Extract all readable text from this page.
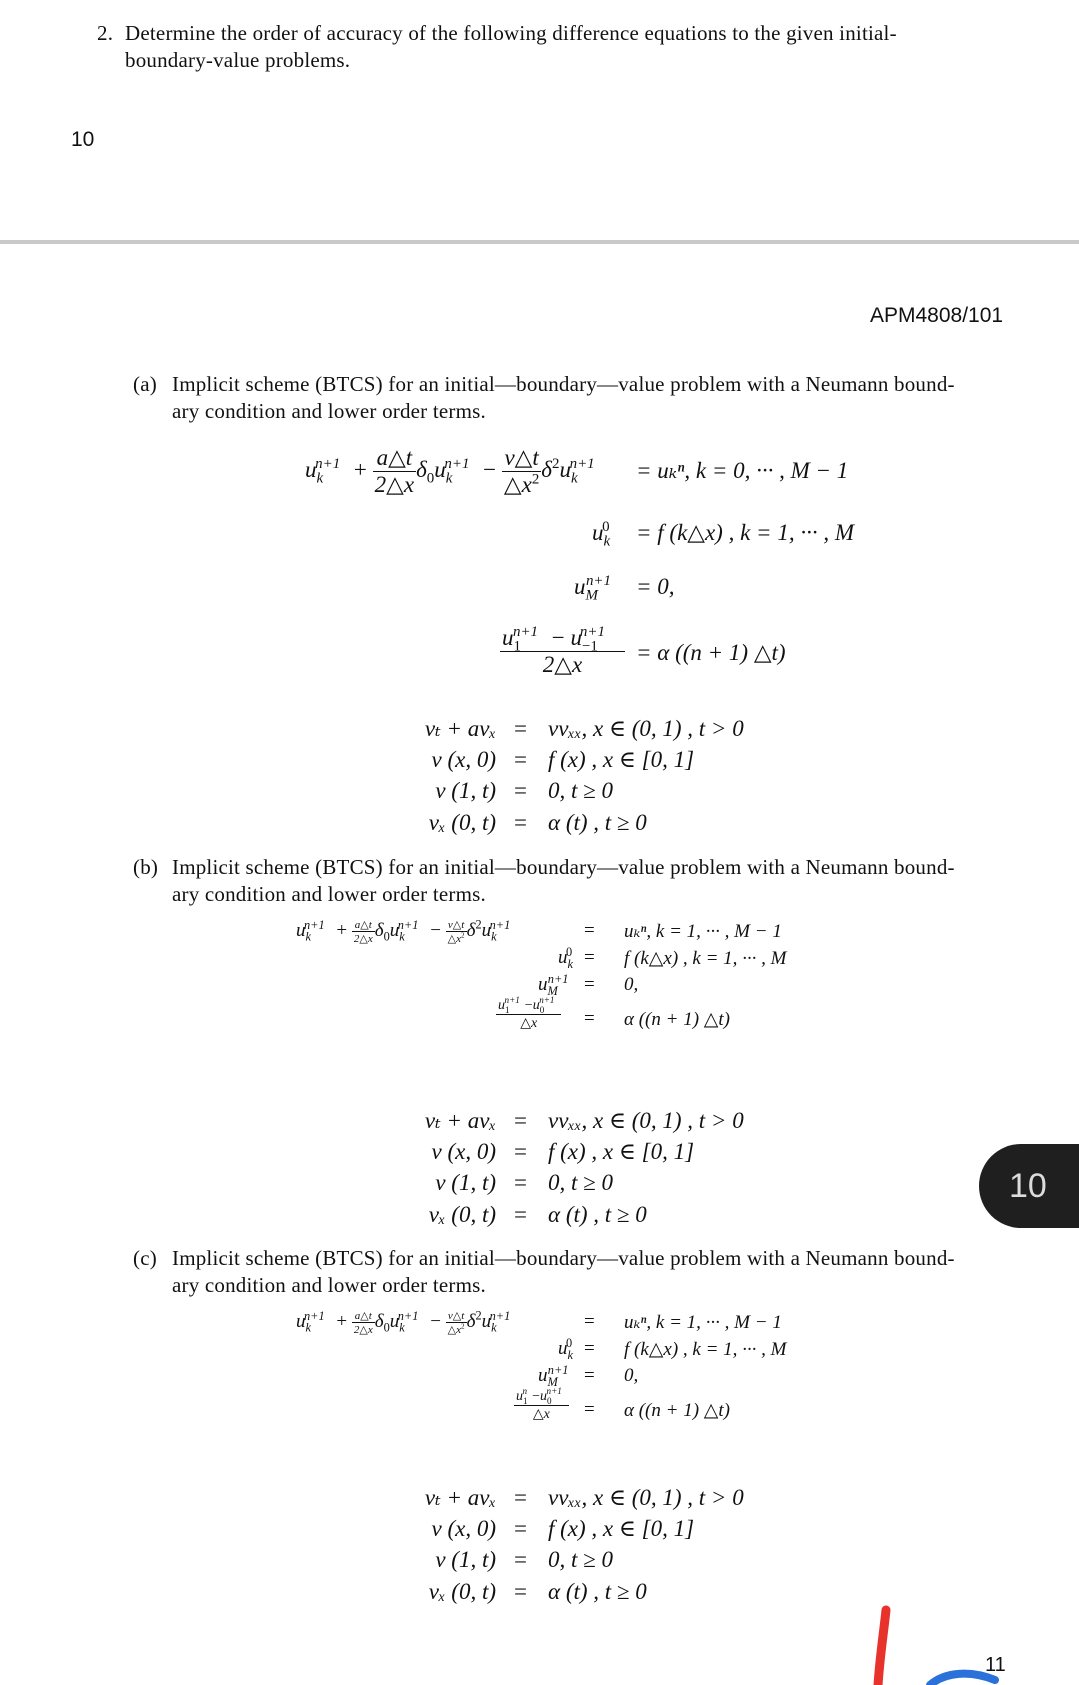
2. Determine the order of accuracy of the following difference equations to the given initial-
boundary-value problems.
10
APM4808/101
(a) Implicit scheme (BTCS) for an initial—boundary—value problem with a Neumann bound-
ary condition and lower order terms.
$u_k^{n+1} + \frac{a\triangle t}{2\triangle x} \delta_0u_k^{n+1} - \frac{\nu\triangle t}{\triangle x^2} \delta^2u_k^{n+1}$	= uₖⁿ, k = 0, ··· , M − 1
$u_k^0$	= f (k△x) , k = 1, ··· , M
$u_M^{n+1}$	= 0,
$\frac{u_1^{n+1} - u_{-1}^{n+1}}{2\triangle x} = \alpha$ ((n + 1) △t)
vₜ + avₓ = νvₓₓ, x ∈ (0, 1) , t > 0
v (x, 0) = f (x) , x ∈ [0, 1]
v (1, t) = 0, t ≥ 0
vₓ (0, t) = α (t) , t ≥ 0
(b) Implicit scheme (BTCS) for an initial—boundary—value problem with a Neumann bound-
ary condition and lower order terms.
$u_k^{n+1} + \frac{a\triangle t}{2\triangle x} \delta_0u_k^{n+1} - \frac{\nu\triangle t}{\triangle x^2} \delta^2u_k^{n+1}$	= uₖⁿ, k = 1, ··· , M − 1
$u_k^0 = f$ (k△x) , k = 1, ··· , M
$u_M^{n+1} = 0$,
$\frac{u_1^{n+1} -u_0^{n+1}}{\triangle x} = \alpha$ ((n + 1) △t)
vₜ + avₓ = νvₓₓ, x ∈ (0, 1) , t > 0
v (x, 0) = f (x) , x ∈ [0, 1]
v (1, t) = 0, t ≥ 0
vₓ (0, t) = α (t) , t ≥ 0
(c) Implicit scheme (BTCS) for an initial—boundary—value problem with a Neumann bound-
ary condition and lower order terms.
$u_k^{n+1} + \frac{a\triangle t}{2\triangle x} \delta_0u_k^{n+1} - \frac{\nu\triangle t}{\triangle x^2} \delta^2u_k^{n+1}$	= uₖⁿ, k = 1, ··· , M − 1
$u_k^0 = f$ (k△x) , k = 1, ··· , M
$u_M^{n+1} = 0$,
$\frac{u_1^n -u_0^{n+1}}{\triangle x} = \alpha$ ((n + 1) △t)
vₜ + avₓ = νvₓₓ, x ∈ (0, 1) , t > 0
v (x, 0) = f (x) , x ∈ [0, 1]
v (1, t) = 0, t ≥ 0
vₓ (0, t) = α (t) , t ≥ 0
10
11
